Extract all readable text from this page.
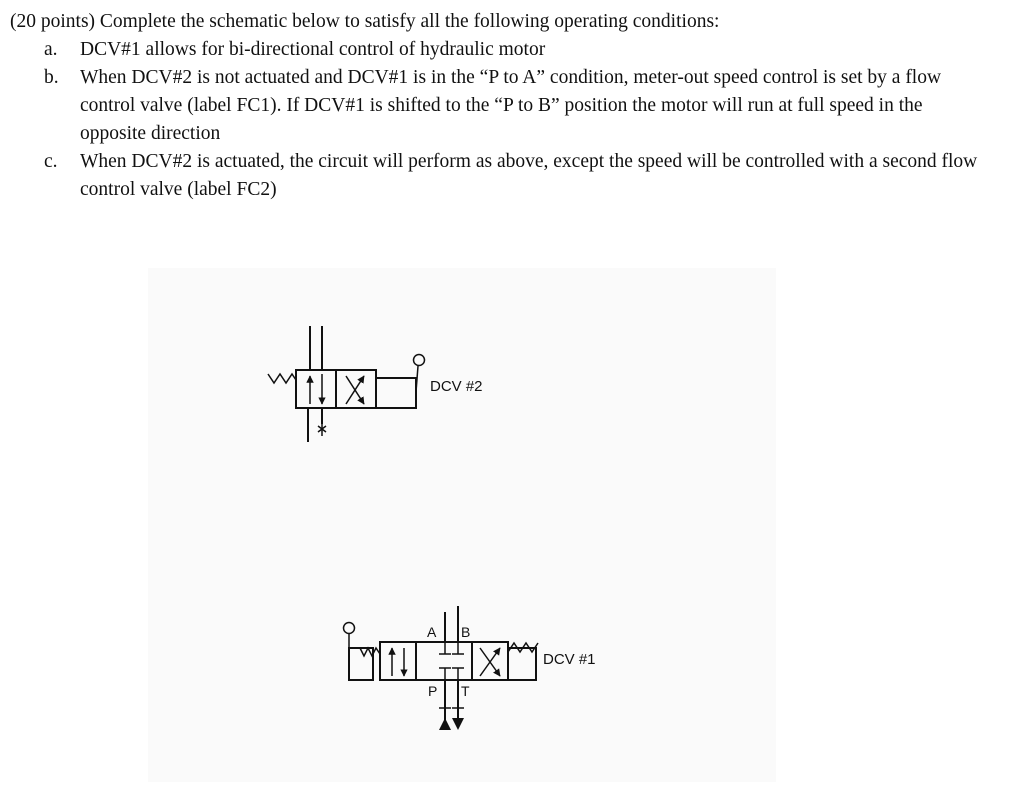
(20 points) Complete the schematic below to satisfy all the following operating conditions:

a. DCV#1 allows for bi-directional control of hydraulic motor
b. When DCV#2 is not actuated and DCV#1 is in the “P to A” condition, meter-out speed control is set by a flow control valve (label FC1). If DCV#1 is shifted to the “P to B” position the motor will run at full speed in the opposite direction
c. When DCV#2 is actuated, the circuit will perform as above, except the speed will be controlled with a second flow control valve (label FC2)
DCV #2
A B
P T
DCV #1
